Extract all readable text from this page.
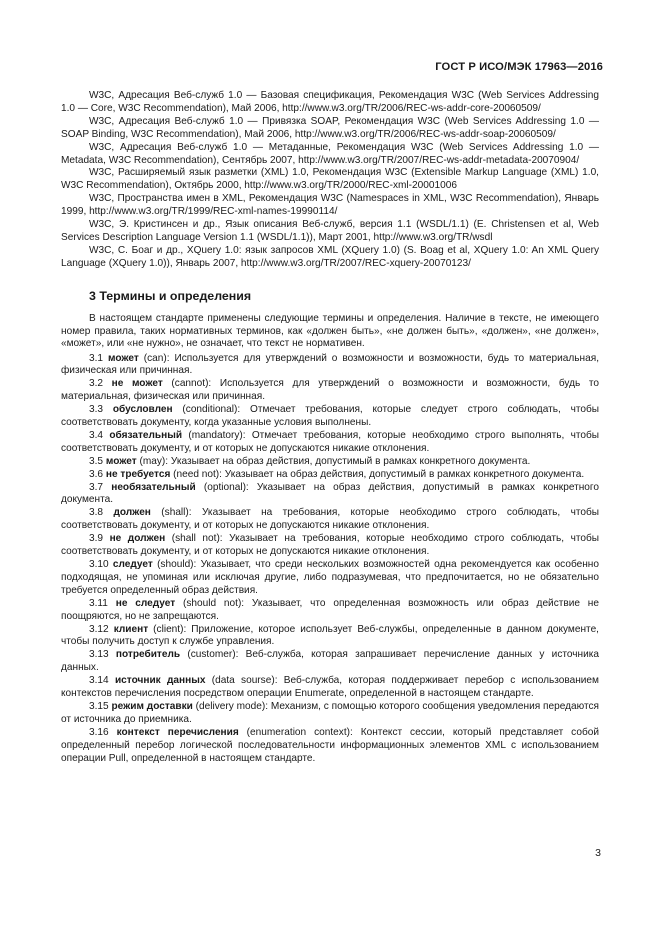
ГОСТ Р ИСО/МЭК 17963—2016

W3C, Адресация Веб-служб 1.0 — Базовая спецификация, Рекомендация W3C (Web Services Addressing 1.0 — Core, W3C Recommendation), Май 2006, http://www.w3.org/TR/2006/REC-ws-addr-core-20060509/

W3C, Адресация Веб-служб 1.0 — Привязка SOAP, Рекомендация W3C (Web Services Addressing 1.0 — SOAP Binding, W3C Recommendation), Май 2006, http://www.w3.org/TR/2006/REC-ws-addr-soap-20060509/

W3C, Адресация Веб-служб 1.0 — Метаданные, Рекомендация W3C (Web Services Addressing 1.0 — Metadata, W3C Recommendation), Сентябрь 2007, http://www.w3.org/TR/2007/REC-ws-addr-metadata-20070904/

W3C, Расширяемый язык разметки (XML) 1.0, Рекомендация W3C (Extensible Markup Language (XML) 1.0, W3C Recommendation), Октябрь 2000, http://www.w3.org/TR/2000/REC-xml-20001006

W3C, Пространства имен в XML, Рекомендация W3C (Namespaces in XML, W3C Recommendation), Январь 1999, http://www.w3.org/TR/1999/REC-xml-names-19990114/

W3C, Э. Кристинсен и др., Язык описания Веб-служб, версия 1.1 (WSDL/1.1) (E. Christensen et al, Web Services Description Language Version 1.1 (WSDL/1.1)), Март 2001, http://www.w3.org/TR/wsdl

W3C, С. Боаг и др., XQuery 1.0: язык запросов XML (XQuery 1.0) (S. Boag et al, XQuery 1.0: An XML Query Language (XQuery 1.0)), Январь 2007, http://www.w3.org/TR/2007/REC-xquery-20070123/

3 Термины и определения

В настоящем стандарте применены следующие термины и определения. Наличие в тексте, не имеющего номер правила, таких нормативных терминов, как «должен быть», «не должен быть», «должен», «не должен», «может», или «не нужно», не означает, что текст не нормативен.

3.1 может (can): Используется для утверждений о возможности и возможности, будь то материальная, физическая или причинная.

3.2 не может (cannot): Используется для утверждений о возможности и возможности, будь то материальная, физическая или причинная.

3.3 обусловлен (conditional): Отмечает требования, которые следует строго соблюдать, чтобы соответствовать документу, когда указанные условия выполнены.

3.4 обязательный (mandatory): Отмечает требования, которые необходимо строго выполнять, чтобы соответствовать документу, и от которых не допускаются никакие отклонения.

3.5 может (may): Указывает на образ действия, допустимый в рамках конкретного документа.

3.6 не требуется (need not): Указывает на образ действия, допустимый в рамках конкретного документа.

3.7 необязательный (optional): Указывает на образ действия, допустимый в рамках конкретного документа.

3.8 должен (shall): Указывает на требования, которые необходимо строго соблюдать, чтобы соответствовать документу, и от которых не допускаются никакие отклонения.

3.9 не должен (shall not): Указывает на требования, которые необходимо строго соблюдать, чтобы соответствовать документу, и от которых не допускаются никакие отклонения.

3.10 следует (should): Указывает, что среди нескольких возможностей одна рекомендуется как особенно подходящая, не упоминая или исключая другие, либо подразумевая, что предпочитается, но не обязательно требуется определенный образ действия.

3.11 не следует (should not): Указывает, что определенная возможность или образ действие не поощряются, но не запрещаются.

3.12 клиент (client): Приложение, которое использует Веб-службы, определенные в данном документе, чтобы получить доступ к службе управления.

3.13 потребитель (customer): Веб-служба, которая запрашивает перечисление данных у источника данных.

3.14 источник данных (data sourse): Веб-служба, которая поддерживает перебор с использованием контекстов перечисления посредством операции Enumerate, определенной в настоящем стандарте.

3.15 режим доставки (delivery mode): Механизм, с помощью которого сообщения уведомления передаются от источника до приемника.

3.16 контекст перечисления (enumeration context): Контекст сессии, который представляет собой определенный перебор логической последовательности информационных элементов XML с использованием операции Pull, определенной в настоящем стандарте.

3
